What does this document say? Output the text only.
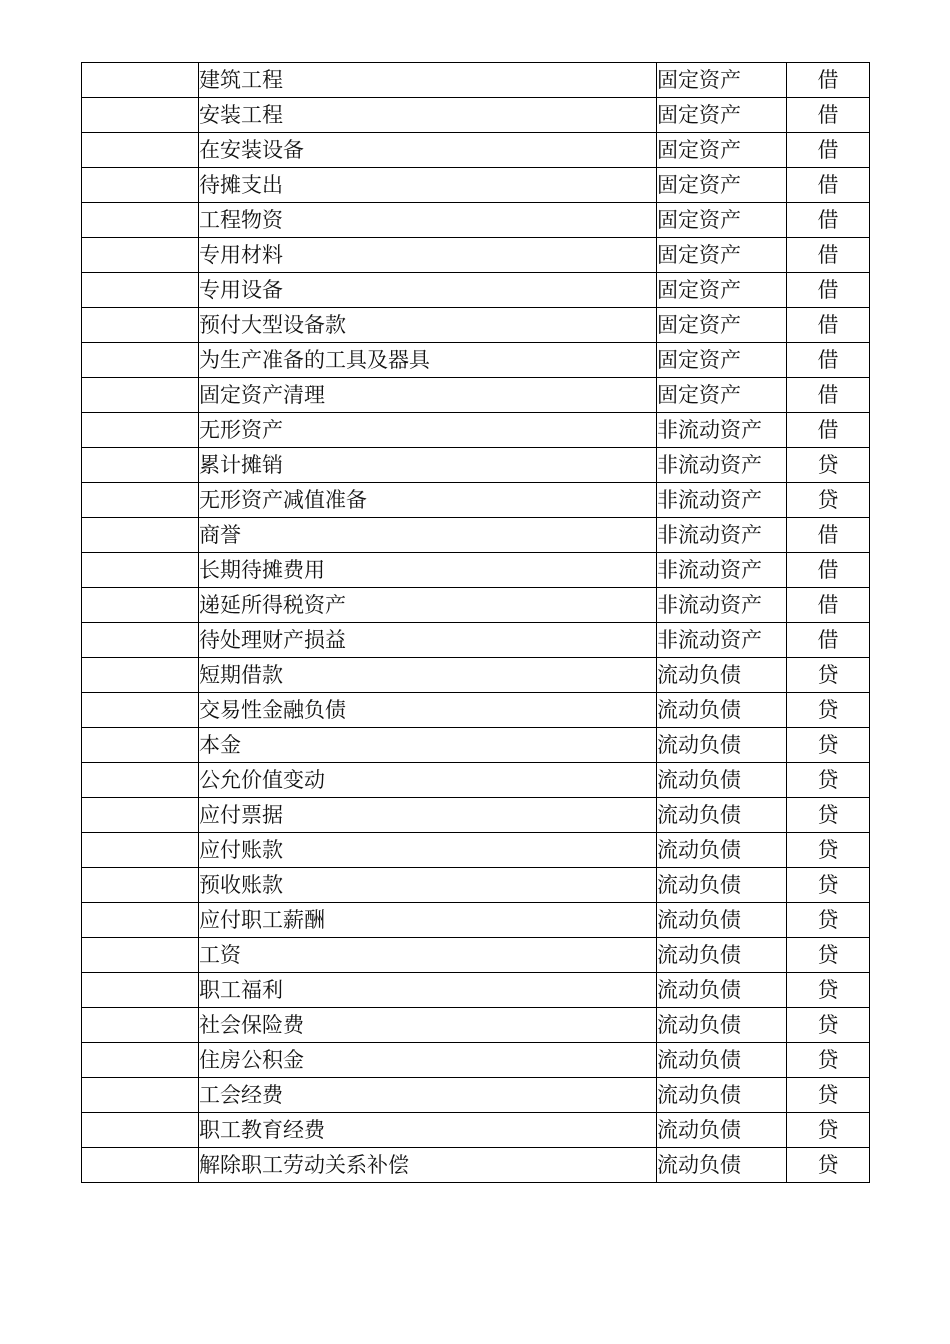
	建筑工程	固定资产	借
	安装工程	固定资产	借
	在安装设备	固定资产	借
	待摊支出	固定资产	借
	工程物资	固定资产	借
	专用材料	固定资产	借
	专用设备	固定资产	借
	预付大型设备款	固定资产	借
	为生产准备的工具及器具	固定资产	借
	固定资产清理	固定资产	借
	无形资产	非流动资产	借
	累计摊销	非流动资产	贷
	无形资产减值准备	非流动资产	贷
	商誉	非流动资产	借
	长期待摊费用	非流动资产	借
	递延所得税资产	非流动资产	借
	待处理财产损益	非流动资产	借
	短期借款	流动负债	贷
	交易性金融负债	流动负债	贷
	本金	流动负债	贷
	公允价值变动	流动负债	贷
	应付票据	流动负债	贷
	应付账款	流动负债	贷
	预收账款	流动负债	贷
	应付职工薪酬	流动负债	贷
	工资	流动负债	贷
	职工福利	流动负债	贷
	社会保险费	流动负债	贷
	住房公积金	流动负债	贷
	工会经费	流动负债	贷
	职工教育经费	流动负债	贷
	解除职工劳动关系补偿	流动负债	贷
